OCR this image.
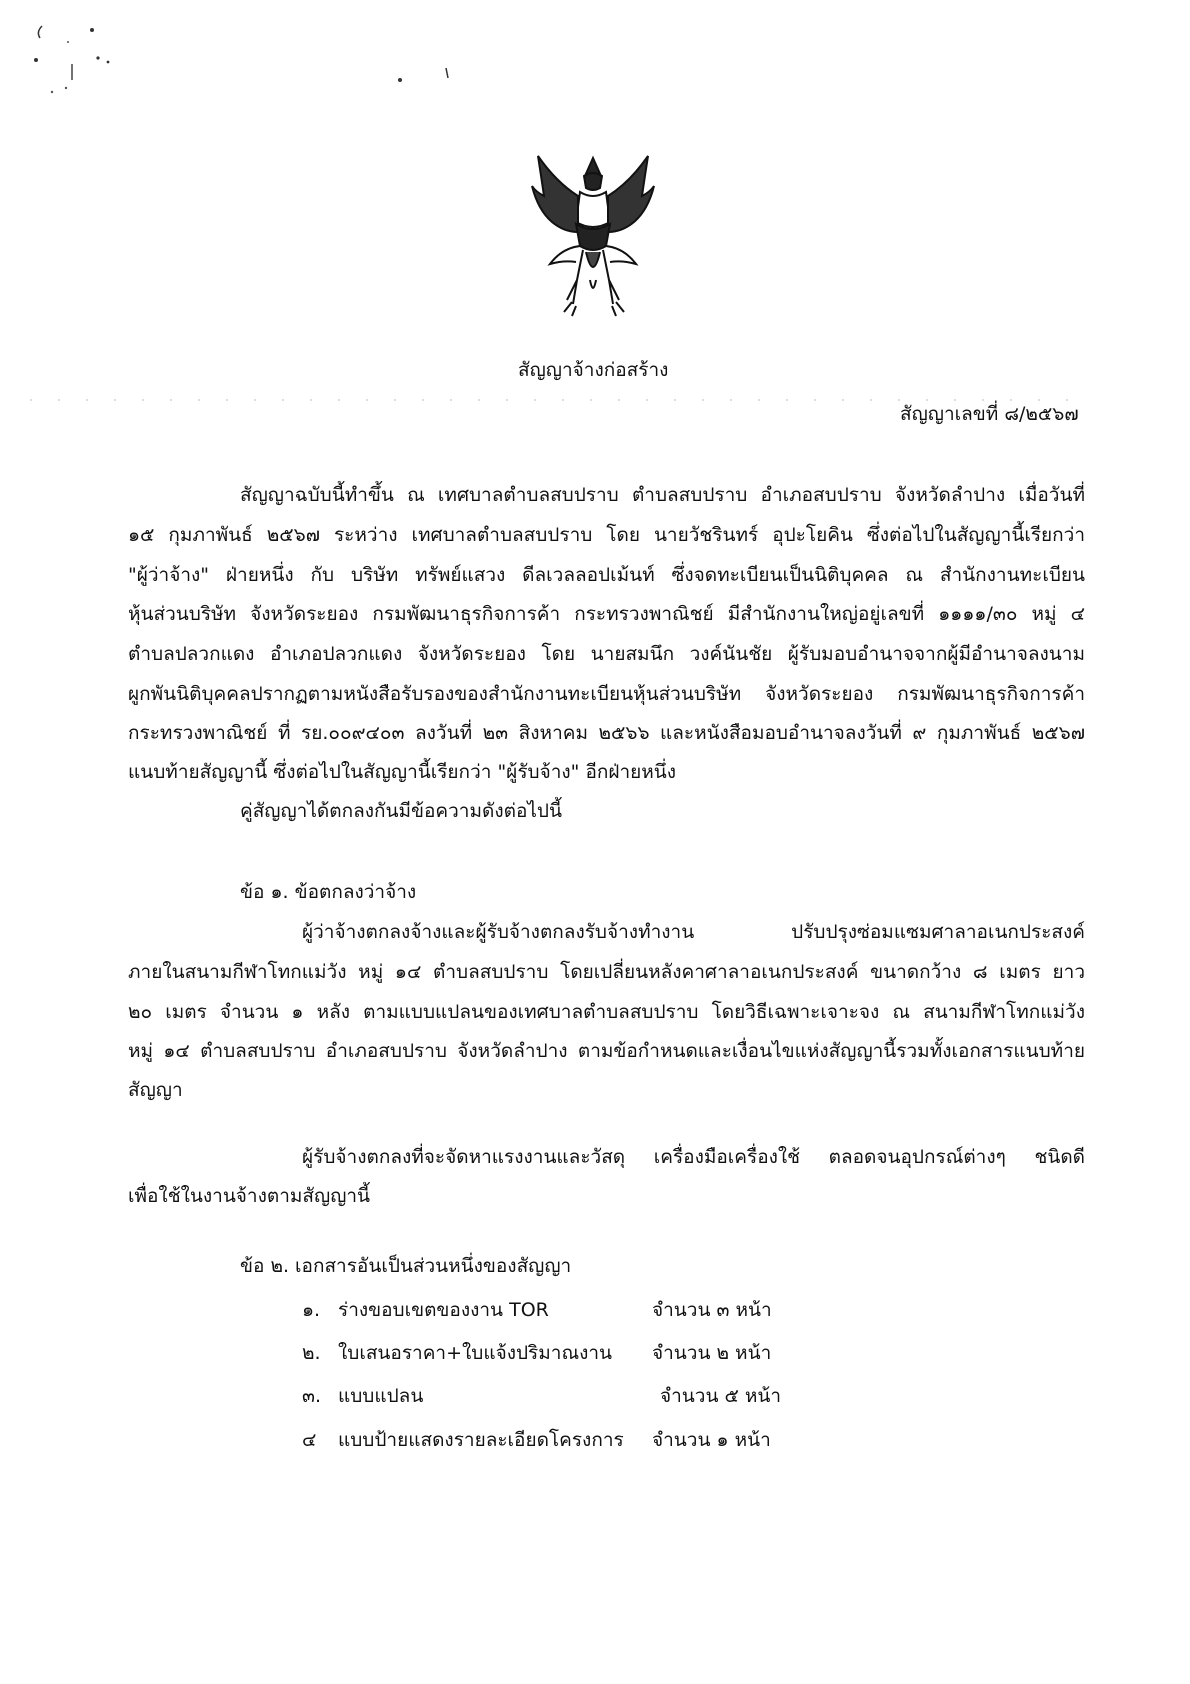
สัญญาจ้างก่อสร้าง
สัญญาเลขที่ ๘/๒๕๖๗
สัญญาฉบับนี้ทำขึ้น ณ เทศบาลตำบลสบปราบ ตำบลสบปราบ อำเภอสบปราบ จังหวัดลำปาง เมื่อวันที่
๑๕ กุมภาพันธ์ ๒๕๖๗ ระหว่าง เทศบาลตำบลสบปราบ โดย นายวัชรินทร์ อุปะโยคิน ซึ่งต่อไปในสัญญานี้เรียกว่า
"ผู้ว่าจ้าง" ฝ่ายหนึ่ง กับ บริษัท ทรัพย์แสวง ดีลเวลลอปเม้นท์ ซึ่งจดทะเบียนเป็นนิติบุคคล ณ สำนักงานทะเบียน
หุ้นส่วนบริษัท จังหวัดระยอง กรมพัฒนาธุรกิจการค้า กระทรวงพาณิชย์ มีสำนักงานใหญ่อยู่เลขที่ ๑๑๑๑/๓๐ หมู่ ๔
ตำบลปลวกแดง อำเภอปลวกแดง จังหวัดระยอง โดย นายสมนึก วงค์นันชัย ผู้รับมอบอำนาจจากผู้มีอำนาจลงนาม
ผูกพันนิติบุคคลปรากฏตามหนังสือรับรองของสำนักงานทะเบียนหุ้นส่วนบริษัท จังหวัดระยอง กรมพัฒนาธุรกิจการค้า
กระทรวงพาณิชย์ ที่ รย.๐๐๙๔๐๓ ลงวันที่ ๒๓ สิงหาคม ๒๕๖๖ และหนังสือมอบอำนาจลงวันที่ ๙ กุมภาพันธ์ ๒๕๖๗
แนบท้ายสัญญานี้ ซึ่งต่อไปในสัญญานี้เรียกว่า "ผู้รับจ้าง" อีกฝ่ายหนึ่ง
คู่สัญญาได้ตกลงกันมีข้อความดังต่อไปนี้
ข้อ ๑. ข้อตกลงว่าจ้าง
ผู้ว่าจ้างตกลงจ้างและผู้รับจ้างตกลงรับจ้างทำงาน ปรับปรุงซ่อมแซมศาลาอเนกประสงค์
ภายในสนามกีฬาโทกแม่วัง หมู่ ๑๔ ตำบลสบปราบ โดยเปลี่ยนหลังคาศาลาอเนกประสงค์ ขนาดกว้าง ๘ เมตร ยาว
๒๐ เมตร จำนวน ๑ หลัง ตามแบบแปลนของเทศบาลตำบลสบปราบ โดยวิธีเฉพาะเจาะจง ณ สนามกีฬาโทกแม่วัง
หมู่ ๑๔ ตำบลสบปราบ อำเภอสบปราบ จังหวัดลำปาง ตามข้อกำหนดและเงื่อนไขแห่งสัญญานี้รวมทั้งเอกสารแนบท้าย
สัญญา
ผู้รับจ้างตกลงที่จะจัดหาแรงงานและวัสดุ เครื่องมือเครื่องใช้ ตลอดจนอุปกรณ์ต่างๆ ชนิดดี
เพื่อใช้ในงานจ้างตามสัญญานี้
ข้อ ๒. เอกสารอันเป็นส่วนหนึ่งของสัญญา
๑. ร่างขอบเขตของงาน TOR	จำนวน ๓ หน้า
๒. ใบเสนอราคา+ใบแจ้งปริมาณงาน จำนวน ๒ หน้า
๓. แบบแปลน	จำนวน ๕ หน้า
๔ แบบป้ายแสดงรายละเอียดโครงการ จำนวน ๑ หน้า
